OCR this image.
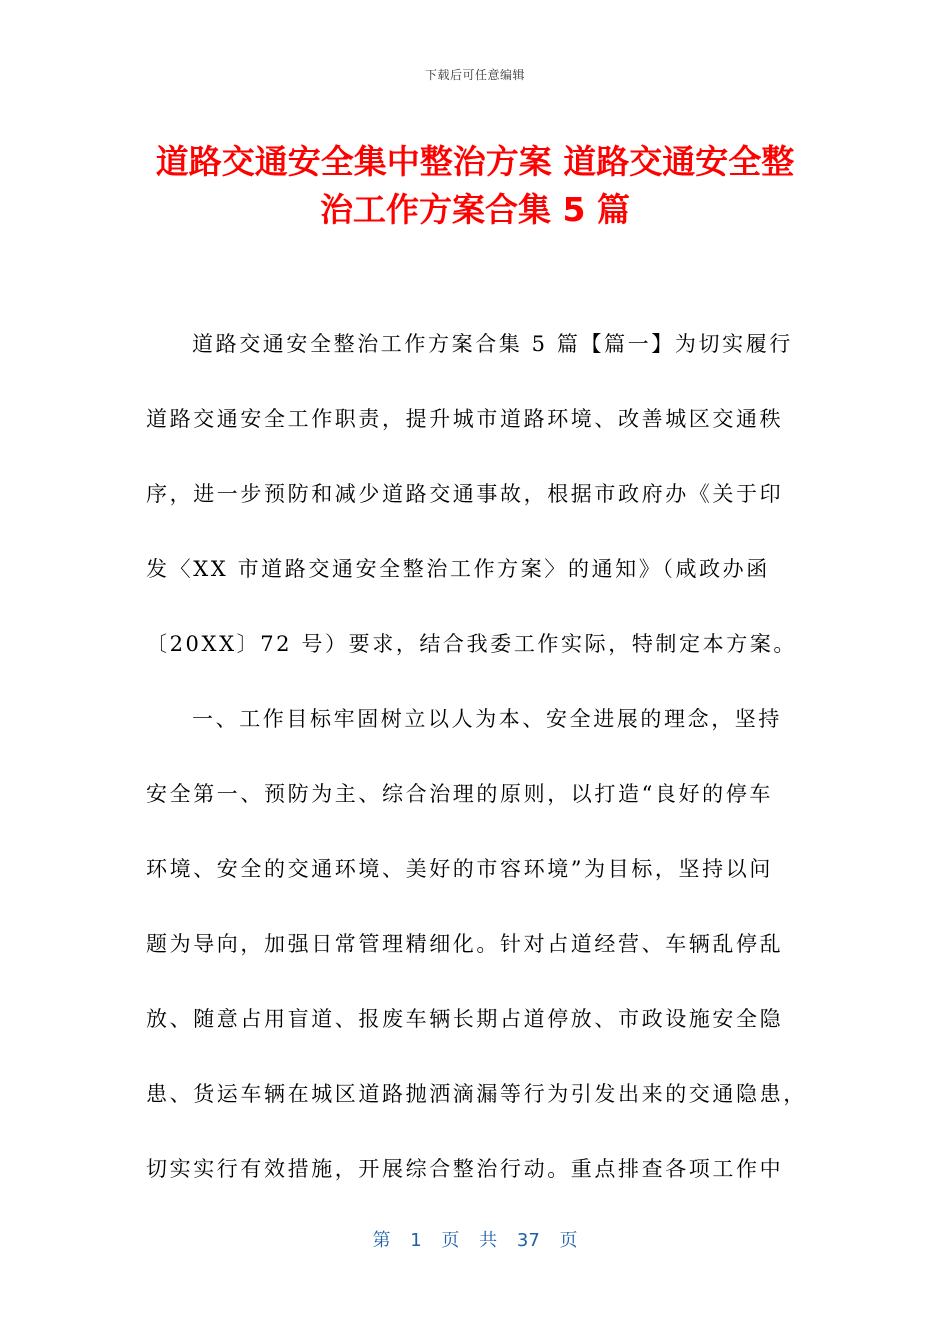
下载后可任意编辑
道路交通安全集中整治方案 道路交通安全整
治工作方案合集 5 篇
道路交通安全整治工作方案合集 5 篇【篇一】为切实履行
道路交通安全工作职责，提升城市道路环境、改善城区交通秩
序，进一步预防和减少道路交通事故，根据市政府办《关于印
发〈XX 市道路交通安全整治工作方案〉的通知》（咸政办函
〔20XX〕72 号）要求，结合我委工作实际，特制定本方案。
一、工作目标牢固树立以人为本、安全进展的理念，坚持
安全第一、预防为主、综合治理的原则，以打造“良好的停车
环境、安全的交通环境、美好的市容环境”为目标，坚持以问
题为导向，加强日常管理精细化。针对占道经营、车辆乱停乱
放、随意占用盲道、报废车辆长期占道停放、市政设施安全隐
患、货运车辆在城区道路抛洒滴漏等行为引发出来的交通隐患，
切实实行有效措施，开展综合整治行动。重点排查各项工作中
第 1 页 共 37 页
